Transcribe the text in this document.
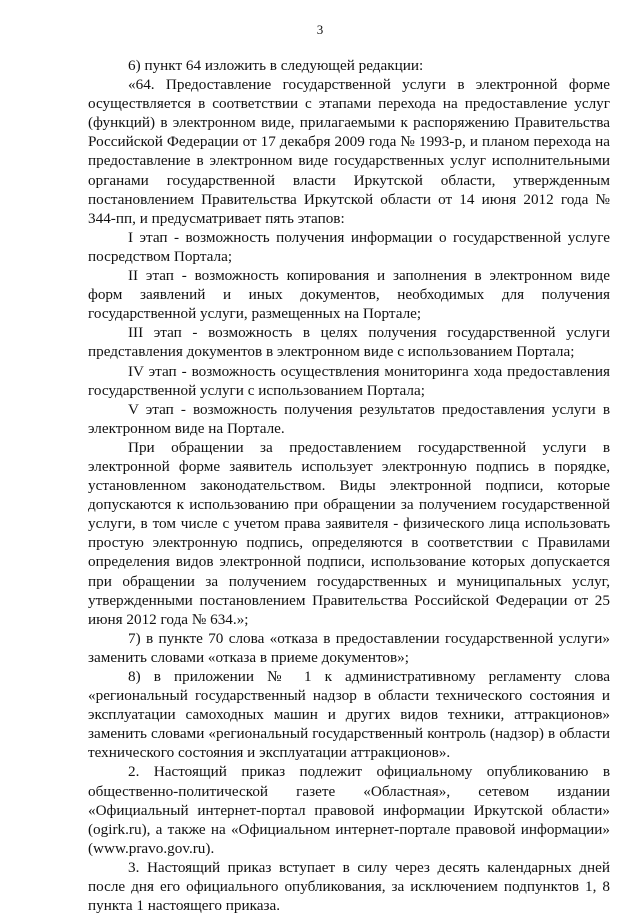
3

6) пункт 64 изложить в следующей редакции:

«64. Предоставление государственной услуги в электронной форме осуществляется в соответствии с этапами перехода на предоставление услуг (функций) в электронном виде, прилагаемыми к распоряжению Правительства Российской Федерации от 17 декабря 2009 года № 1993-р, и планом перехода на предоставление в электронном виде государственных услуг исполнительными органами государственной власти Иркутской области, утвержденным постановлением Правительства Иркутской области от 14 июня 2012 года № 344-пп, и предусматривает пять этапов:

I этап - возможность получения информации о государственной услуге посредством Портала;

II этап - возможность копирования и заполнения в электронном виде форм заявлений и иных документов, необходимых для получения государственной услуги, размещенных на Портале;

III этап - возможность в целях получения государственной услуги представления документов в электронном виде с использованием Портала;

IV этап - возможность осуществления мониторинга хода предоставления государственной услуги с использованием Портала;

V этап - возможность получения результатов предоставления услуги в электронном виде на Портале.

При обращении за предоставлением государственной услуги в электронной форме заявитель использует электронную подпись в порядке, установленном законодательством. Виды электронной подписи, которые допускаются к использованию при обращении за получением государственной услуги, в том числе с учетом права заявителя - физического лица использовать простую электронную подпись, определяются в соответствии с Правилами определения видов электронной подписи, использование которых допускается при обращении за получением государственных и муниципальных услуг, утвержденными постановлением Правительства Российской Федерации от 25 июня 2012 года № 634.»;

7) в пункте 70 слова «отказа в предоставлении государственной услуги» заменить словами «отказа в приеме документов»;

8) в приложении № 1 к административному регламенту слова «региональный государственный надзор в области технического состояния и эксплуатации самоходных машин и других видов техники, аттракционов» заменить словами «региональный государственный контроль (надзор) в области технического состояния и эксплуатации аттракционов».

2. Настоящий приказ подлежит официальному опубликованию в общественно-политической газете «Областная», сетевом издании «Официальный интернет-портал правовой информации Иркутской области» (ogirk.ru), а также на «Официальном интернет-портале правовой информации» (www.pravo.gov.ru).

3. Настоящий приказ вступает в силу через десять календарных дней после дня его официального опубликования, за исключением подпунктов 1, 8 пункта 1 настоящего приказа.
